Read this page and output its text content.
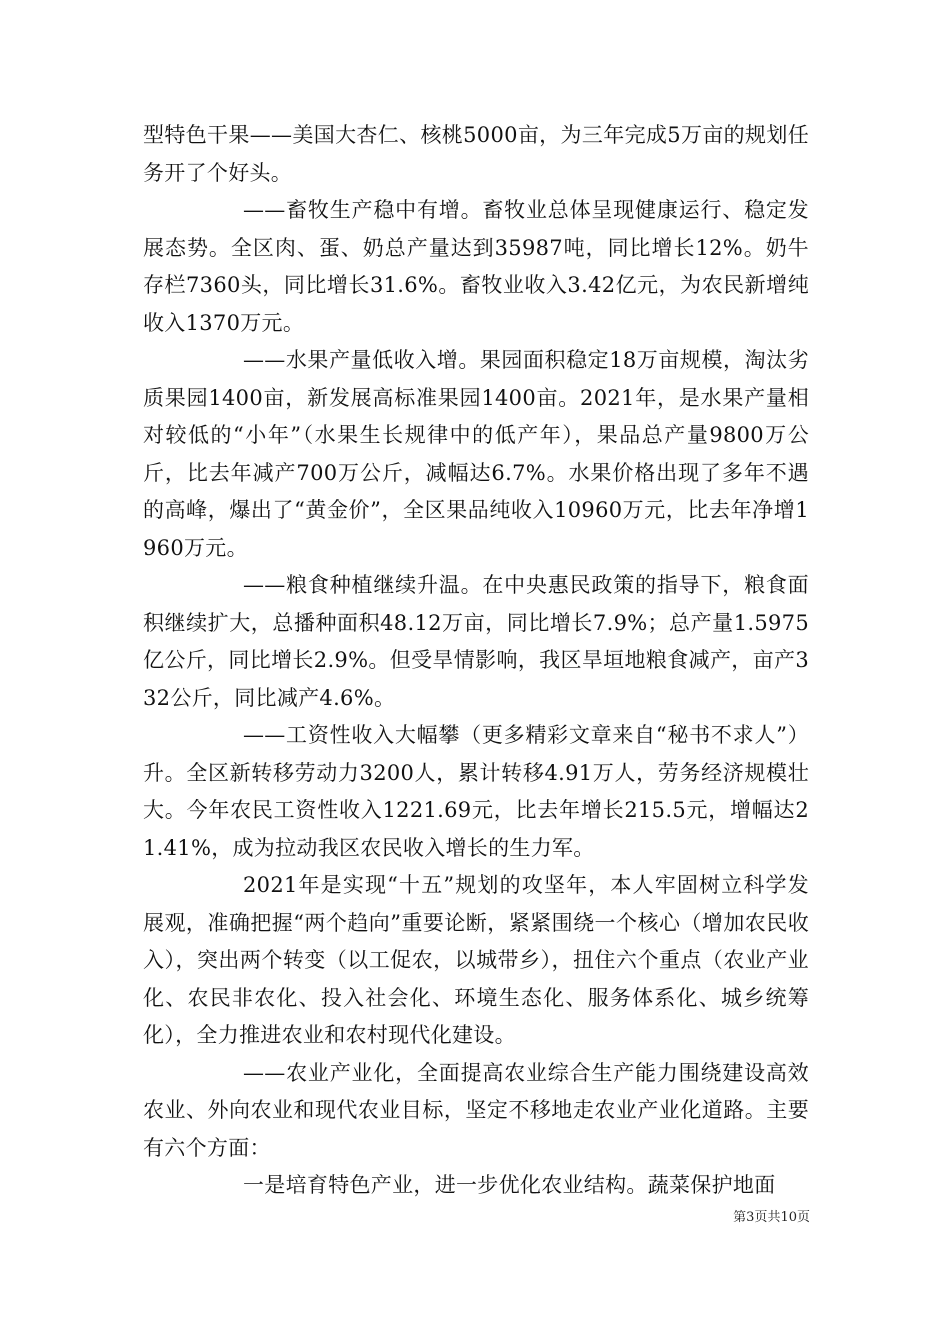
型特色干果——美国大杏仁、核桃5000亩，为三年完成5万亩的规划任务开了个好头。

——畜牧生产稳中有增。畜牧业总体呈现健康运行、稳定发展态势。全区肉、蛋、奶总产量达到35987吨，同比增长12%。奶牛存栏7360头，同比增长31.6%。畜牧业收入3.42亿元，为农民新增纯收入1370万元。

——水果产量低收入增。果园面积稳定18万亩规模，淘汰劣质果园1400亩，新发展高标准果园1400亩。2021年，是水果产量相对较低的“小年”（水果生长规律中的低产年），果品总产量9800万公斤，比去年减产700万公斤，减幅达6.7%。水果价格出现了多年不遇的高峰，爆出了“黄金价”，全区果品纯收入10960万元，比去年净增1960万元。

——粮食种植继续升温。在中央惠民政策的指导下，粮食面积继续扩大，总播种面积48.12万亩，同比增长7.9%；总产量1.5975亿公斤，同比增长2.9%。但受旱情影响，我区旱垣地粮食减产，亩产332公斤，同比减产4.6%。

——工资性收入大幅攀（更多精彩文章来自“秘书不求人”）升。全区新转移劳动力3200人，累计转移4.91万人，劳务经济规模壮大。今年农民工资性收入1221.69元，比去年增长215.5元，增幅达21.41%，成为拉动我区农民收入增长的生力军。

2021年是实现“十五”规划的攻坚年，本人牢固树立科学发展观，准确把握“两个趋向”重要论断，紧紧围绕一个核心（增加农民收入），突出两个转变（以工促农，以城带乡），扭住六个重点（农业产业化、农民非农化、投入社会化、环境生态化、服务体系化、城乡统筹化），全力推进农业和农村现代化建设。

——农业产业化，全面提高农业综合生产能力围绕建设高效农业、外向农业和现代农业目标，坚定不移地走农业产业化道路。主要有六个方面：

一是培育特色产业，进一步优化农业结构。蔬菜保护地面

第3页共10页
